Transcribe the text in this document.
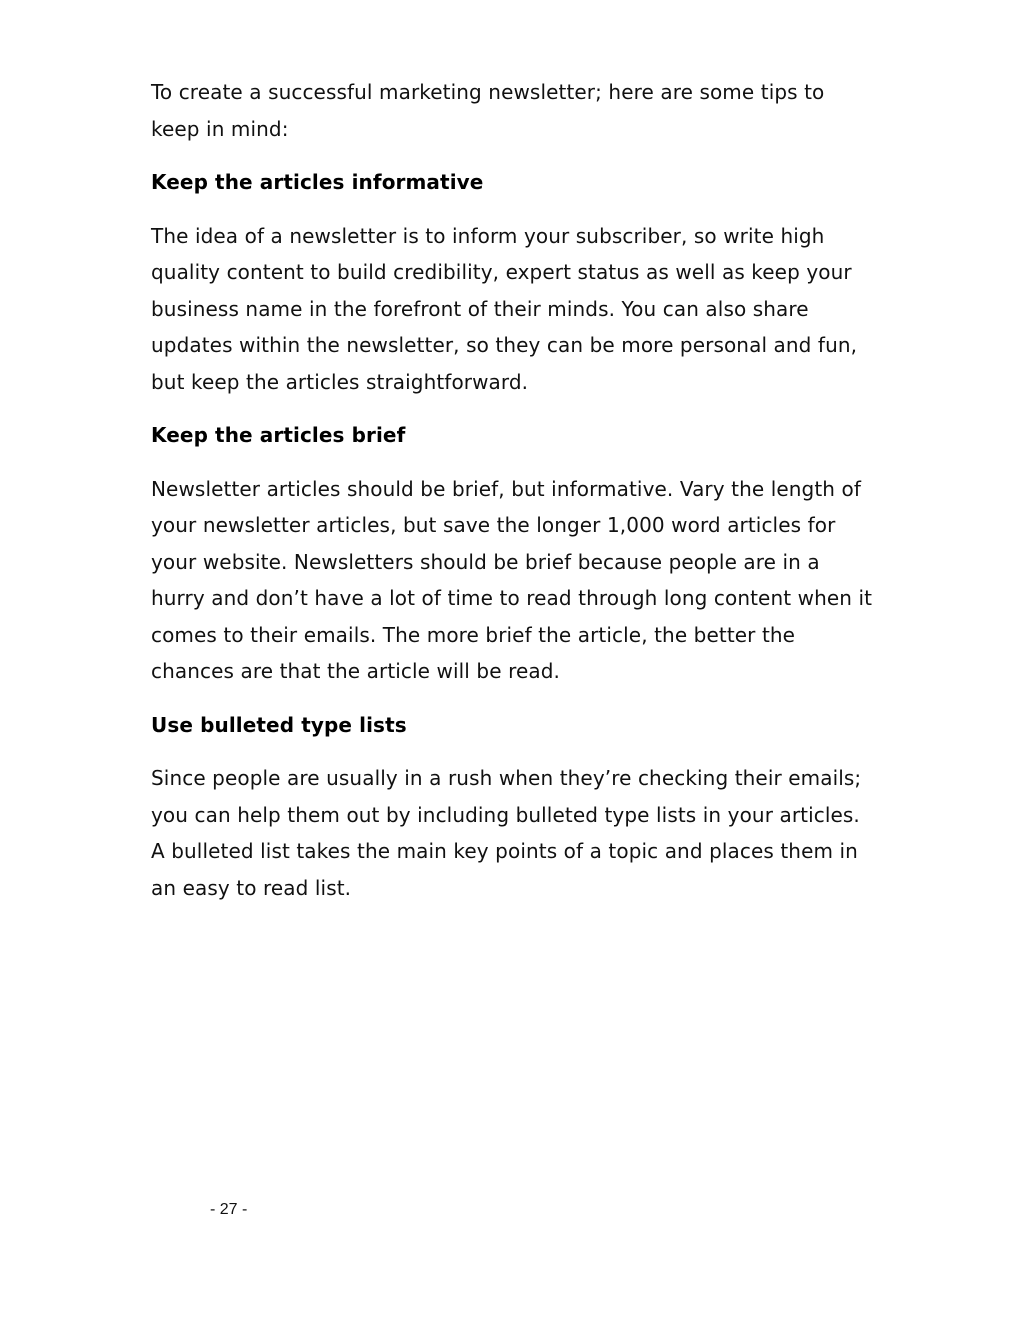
To create a successful marketing newsletter; here are some tips to
keep in mind:

Keep the articles informative

The idea of a newsletter is to inform your subscriber, so write high
quality content to build credibility, expert status as well as keep your
business name in the forefront of their minds. You can also share
updates within the newsletter, so they can be more personal and fun,
but keep the articles straightforward.

Keep the articles brief

Newsletter articles should be brief, but informative. Vary the length of
your newsletter articles, but save the longer 1,000 word articles for
your website. Newsletters should be brief because people are in a
hurry and don’t have a lot of time to read through long content when it
comes to their emails. The more brief the article, the better the
chances are that the article will be read.

Use bulleted type lists

Since people are usually in a rush when they’re checking their emails;
you can help them out by including bulleted type lists in your articles.
A bulleted list takes the main key points of a topic and places them in
an easy to read list.

- 27 -
